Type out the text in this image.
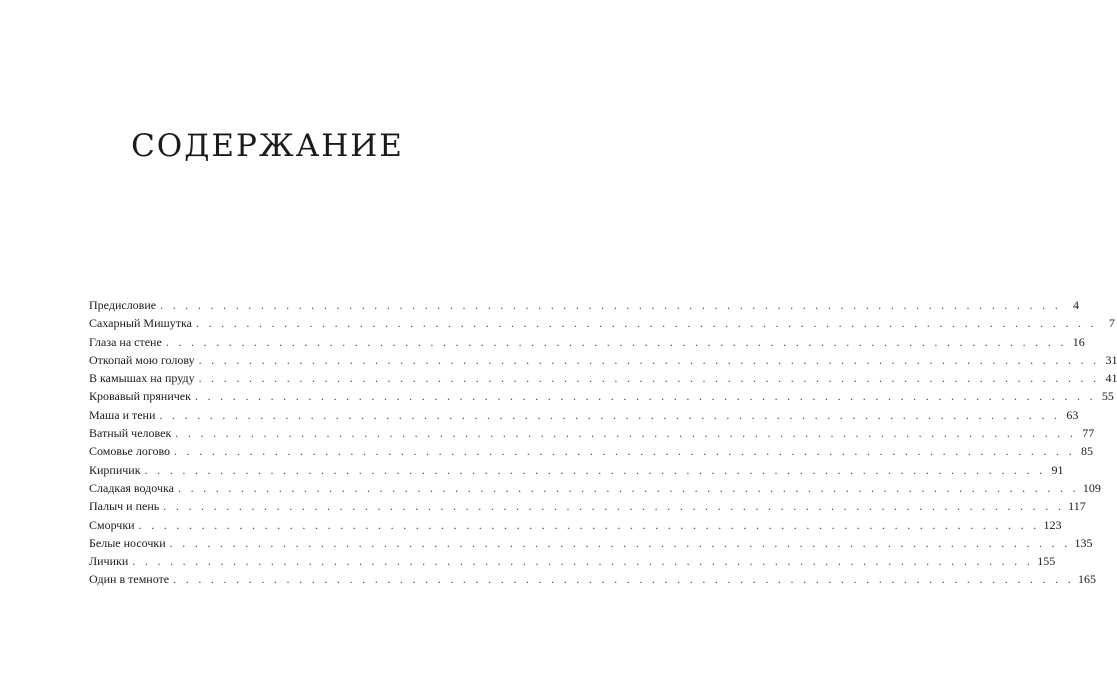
СОДЕРЖАНИЕ
Предисловие . . . . . . . . . . . . . . . . . . . . . . . . . . . . . . . . . . . . . . . . . . . . . . . . . . . . . . . . . . . . . . . . . . . . . . . .	4
Сахарный Мишутка . . . . . . . . . . . . . . . . . . . . . . . . . . . . . . . . . . . . . . . . . . . . . . . . . . . . . . . . . . . . . . . . . . . . . . . .	7
Глаза на стене . . . . . . . . . . . . . . . . . . . . . . . . . . . . . . . . . . . . . . . . . . . . . . . . . . . . . . . . . . . . . . . . . . . . . . . . 16
Откопай мою голову . . . . . . . . . . . . . . . . . . . . . . . . . . . . . . . . . . . . . . . . . . . . . . . . . . . . . . . . . . . . . . . . . . . . . . . . 31
В камышах на пруду . . . . . . . . . . . . . . . . . . . . . . . . . . . . . . . . . . . . . . . . . . . . . . . . . . . . . . . . . . . . . . . . . . . . . . . . 41
Кровавый пряничек . . . . . . . . . . . . . . . . . . . . . . . . . . . . . . . . . . . . . . . . . . . . . . . . . . . . . . . . . . . . . . . . . . . . . . . . 55
Маша и тени . . . . . . . . . . . . . . . . . . . . . . . . . . . . . . . . . . . . . . . . . . . . . . . . . . . . . . . . . . . . . . . . . . . . . . . . 63
Ватный человек . . . . . . . . . . . . . . . . . . . . . . . . . . . . . . . . . . . . . . . . . . . . . . . . . . . . . . . . . . . . . . . . . . . . . . . . 77
Сомовье логово . . . . . . . . . . . . . . . . . . . . . . . . . . . . . . . . . . . . . . . . . . . . . . . . . . . . . . . . . . . . . . . . . . . . . . . . 85
Кирпичик . . . . . . . . . . . . . . . . . . . . . . . . . . . . . . . . . . . . . . . . . . . . . . . . . . . . . . . . . . . . . . . . . . . . . . . . 91
Сладкая водочка . . . . . . . . . . . . . . . . . . . . . . . . . . . . . . . . . . . . . . . . . . . . . . . . . . . . . . . . . . . . . . . . . . . . . . . . 109
Палыч и пень . . . . . . . . . . . . . . . . . . . . . . . . . . . . . . . . . . . . . . . . . . . . . . . . . . . . . . . . . . . . . . . . . . . . . . . . 117
Сморчки . . . . . . . . . . . . . . . . . . . . . . . . . . . . . . . . . . . . . . . . . . . . . . . . . . . . . . . . . . . . . . . . . . . . . . . . 123
Белые носочки . . . . . . . . . . . . . . . . . . . . . . . . . . . . . . . . . . . . . . . . . . . . . . . . . . . . . . . . . . . . . . . . . . . . . . . . 135
Личики . . . . . . . . . . . . . . . . . . . . . . . . . . . . . . . . . . . . . . . . . . . . . . . . . . . . . . . . . . . . . . . . . . . . . . . . 155
Один в темноте . . . . . . . . . . . . . . . . . . . . . . . . . . . . . . . . . . . . . . . . . . . . . . . . . . . . . . . . . . . . . . . . . . . . . . . . 165
